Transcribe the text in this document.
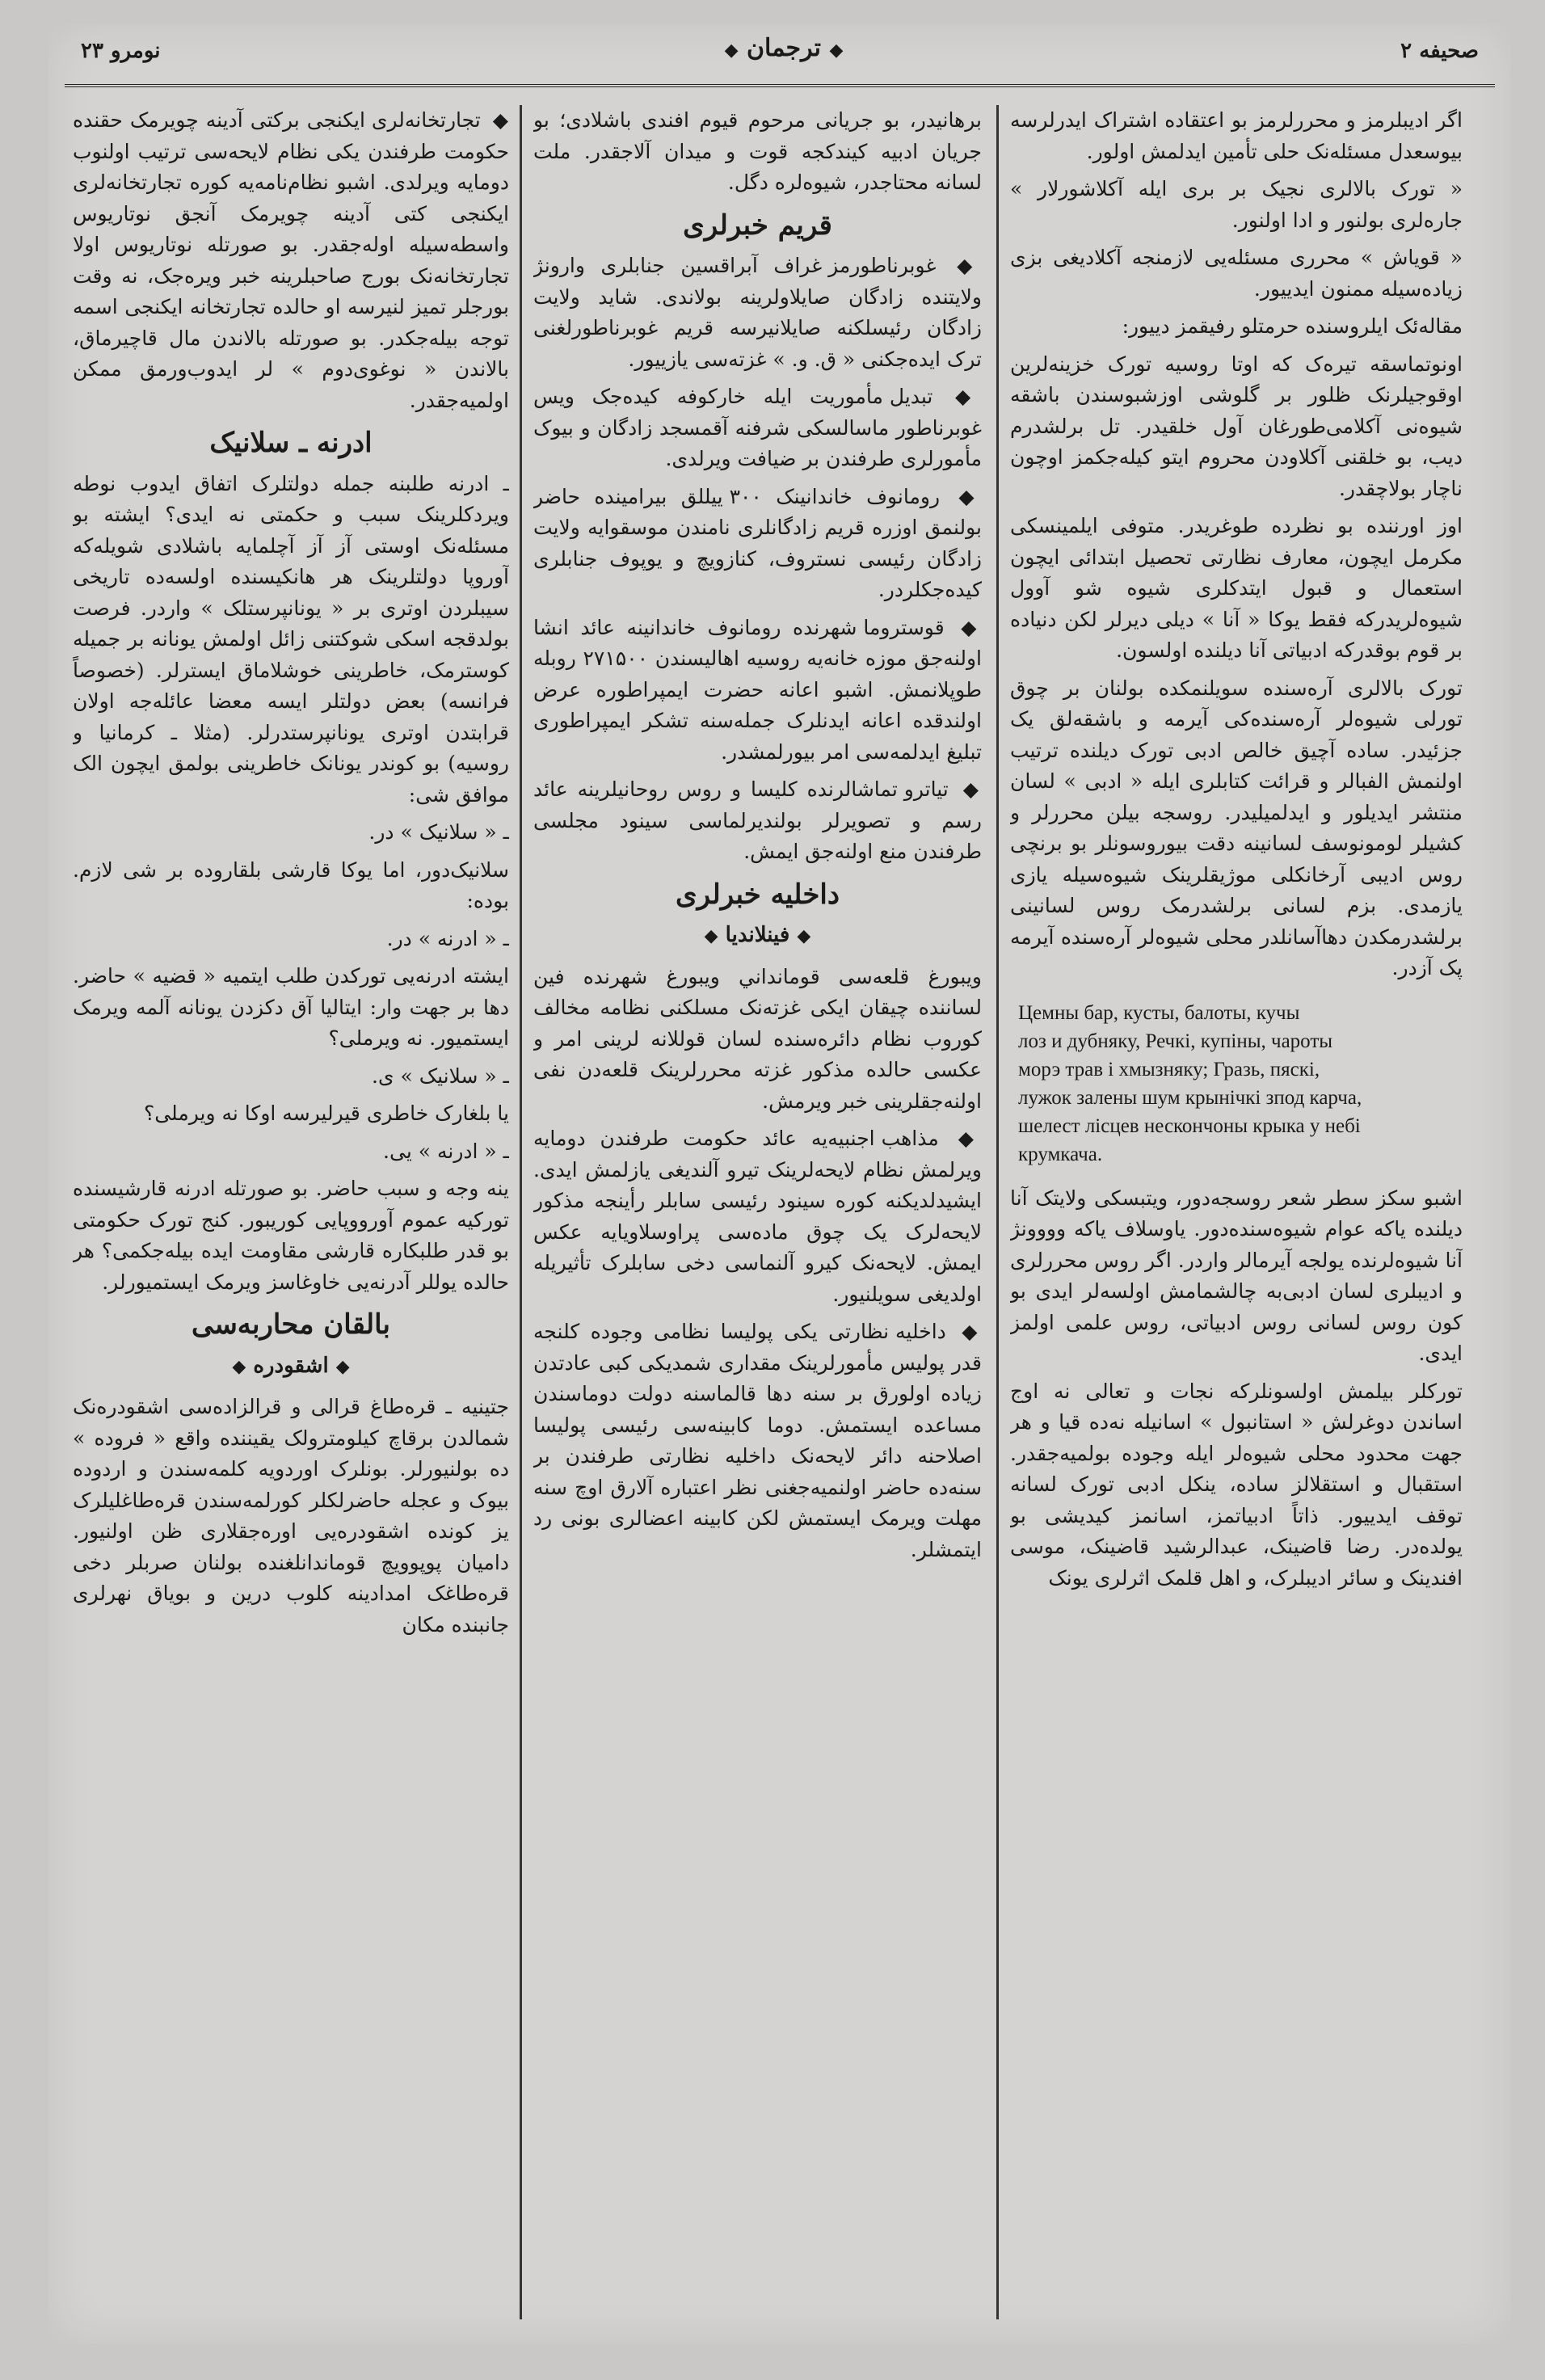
نومرو ۲۳	◆ ترجمان ◆	صحیفه ۲

اگر ادیبلرمز و محررلرمز بو اعتقاده اشتراک ایدرلرسه بیوسعدل مسئله‌نک حلی تأمین ایدلمش اولور.

« تورک بالالری نجیک بر بری ایله آکلاشورلار » جاره‌لری بولنور و ادا اولنور.

« قویاش » محرری مسئله‌یی لازمنجه آکلادیغی بزی زیاده‌سیله ممنون ایدییور.

مقاله‌ئک ایلروسنده حرمتلو رفیقمز دییور:

اونوتماسقه تیره‌ک که اوتا روسیه تورک خزینه‌لرین اوقوجیلرنک ظلور بر گلوشی اوزشبوسندن باشقه شیوه‌نی آکلامی‌طورغان آول خلقیدر. تل برلشدرم دیب، بو خلقنی آکلاودن محروم ایتو کیله‌جکمز اوچون ناچار بولاچقدر.

اوز اورننده بو نظرده طوغریدر. متوفی ایلمینسکی مکرمل ایچون، معارف نظارتی تحصیل ابتدائی ایچون استعمال و قبول ایتدکلری شیوه شو آوول شیوه‌لریدرکه فقط یوکا « آنا » دیلی دیرلر لکن دنیاده بر قوم بوقدرکه ادبیاتی آنا دیلنده اولسون.

تورک بالالری آره‌سنده سویلنمکده بولنان بر چوق تورلی شیوه‌لر آره‌سنده‌کی آیرمه و باشقه‌لق یک جزئیدر. ساده آچیق خالص ادبی تورک دیلنده ترتیب اولنمش الفبالر و قرائت کتابلری ایله « ادبی » لسان منتشر ایدیلور و ایدلمیلیدر. روسجه بیلن محررلر و کشیلر لومونوسف لسانینه دقت بیوروسونلر بو برنچی روس ادیبی آرخانکلی موژیقلرینک شیوه‌سیله یازی یازمدی. بزم لسانی برلشدرمک روس لسانینی برلشدرمکدن دهاآسانلدر محلی شیوه‌لر آره‌سنده آیرمه پک آزدر.

Цемны бар, кусты, балоты, кучы
лоз и дубняку, Речкi, купiны, чароты
морэ трав i хмызняку; Гразь, пяскi,
лужок залены шум крынiчкi зпод карча,
шелест лiсцев нескончоны крыка у небi
крумкача.

اشبو سکز سطر شعر روسجه‌دور، ویتبسکی ولایتک آنا دیلنده یاکه عوام شیوه‌سنده‌دور. یاوسلاف یاکه وووونژ آنا شیوه‌لرنده یولجه آیرمالر واردر. اگر روس محررلری و ادیبلری لسان ادبی‌به چالشمامش اولسه‌لر ایدی بو کون روس لسانی روس ادبیاتی، روس علمی اولمز ایدی.

تورکلر بیلمش اولسونلرکه نجات و تعالی نه اوج اساندن دوغرلش « استانبول » اسانیله نه‌ده قیا و هر جهت محدود محلی شیوه‌لر ایله وجوده بولمیه‌جقدر. استقبال و استقلالز ساده، ینکل ادبی تورک لسانه توقف ایدییور. ذاتاً ادبیاتمز، اسانمز کیدیشی بو یولده‌در. رضا قاضینک، عبدالرشید قاضینک، موسی افندینک و سائر ادیبلرک، و اهل قلمک اثرلری یونک

برهانیدر، بو جریانی مرحوم قیوم افندی باشلادی؛ بو جریان ادبیه کیندکجه قوت و میدان آلاجقدر. ملت لسانه محتاجدر، شیوه‌لره دگل.

قریم خبرلری
◆ غوبرناطورمز غراف آبراقسین جنابلری وارونژ ولایتنده زادگان صایلاولرینه بولاندی. شاید ولایت زادگان رئیسلکنه صایلانیرسه قریم غوبرناطورلغنی ترک ایده‌جکنی « ق. و. » غزته‌سی یازییور.
◆ تبدیل مأموریت ایله خارکوفه کیده‌جک ویس غوبرناطور ماسالسکی شرفنه آقمسجد زادگان و بیوک مأمورلری طرفندن بر ضیافت ویرلدی.
◆ رومانوف خاندانینک ۳۰۰ ییللق بیرامینده حاضر بولنمق اوزره قریم زادگانلری نامندن موسقوایه ولایت زادگان رئیسی نستروف، کنازویچ و یوپوف جنابلری کیده‌جکلردر.
◆ قوستروما شهرنده رومانوف خاندانینه عائد انشا اولنه‌جق موزه خانه‌یه روسیه اهالیسندن ۲۷۱۵۰۰ روبله طوپلانمش. اشبو اعانه حضرت ایمپراطوره عرض اولندقده اعانه ایدنلرک جمله‌سنه تشکر ایمپراطوری تبلیغ ایدلمه‌سی امر بیورلمشدر.
◆ تیاترو تماشالرنده کلیسا و روس روحانیلرینه عائد رسم و تصویرلر بولندیرلماسی سینود مجلسی طرفندن منع اولنه‌جق ایمش.
داخلیه خبرلری
◆ فینلاندیا ◆

ویبورغ قلعه‌سی قومانداني ویبورغ شهرنده فین لساننده چیقان ایکی غزته‌نک مسلکنی نظامه مخالف کوروب نظام دائره‌سنده لسان قوللانه لرینی امر و عکسی حالده مذکور غزته محررلرینک قلعه‌دن نفی اولنه‌جقلرینی خبر ویرمش.

◆ مذاهب اجنبیه‌یه عائد حکومت طرفندن دومایه ویرلمش نظام لایحه‌لرینک تیرو آلندیغی یازلمش ایدی. ایشیدلدیکنه کوره سینود رئیسی سابلر رأینجه مذکور لایحه‌لرک یک چوق ماده‌سی پراوسلاویایه عکس ایمش. لایحه‌نک کیرو آلنماسی دخی سابلرک تأثیریله اولدیغی سویلنیور.
◆ داخلیه نظارتی یکی پولیسا نظامی وجوده کلنجه قدر پولیس مأمورلرینک مقداری شمدیکی کبی عادتدن زیاده اولورق بر سنه دها قالماسنه دولت دوماسندن مساعده ایستمش. دوما کابینه‌سی رئیسی پولیسا اصلاحنه دائر لایحه‌نک داخلیه نظارتی طرفندن بر سنه‌ده حاضر اولنمیه‌جغنی نظر اعتباره آلارق اوچ سنه مهلت ویرمک ایستمش لکن کابینه اعضالری بونی رد ایتمشلر.
◆ تجارتخانه‌لری ایکنجی برکتی آدینه چویرمک حقنده حکومت طرفندن یکی نظام لایحه‌سی ترتیب اولنوب دومایه ویرلدی. اشبو نظام‌نامه‌یه کوره تجارتخانه‌لری ایکنجی کتی آدینه چویرمک آنجق نوتاریوس واسطه‌سیله اوله‌جقدر. بو صورتله نوتاریوس اولا تجارتخانه‌نک بورج صاحبلرینه خبر ویره‌جک، نه وقت بورجلر تمیز لنیرسه او حالده تجارتخانه ایکنجی اسمه توجه بیله‌جکدر. بو صورتله بالاندن مال قاچیرماق، بالاندن « نوغوی‌دوم » لر ایدوب‌ورمق ممکن اولمیه‌جقدر.
ادرنه ـ سلانیک

ـ ادرنه‌ طلبنه جمله دولتلرک اتفاق ایدوب نوطه ویردکلرینک سبب و حکمتی نه ایدی؟ ایشته بو مسئله‌نک اوستی آز آز آچلمایه باشلادی شویله‌که آوروپا دولتلرینک هر هانکیسنده اولسه‌ده تاریخی سیبلردن اوتری بر « یونانپرستلک » واردر. فرصت بولدقجه اسکی شوکتنی زائل اولمش یونانه بر جمیله کوسترمک، خاطرینی خوشلاماق ایسترلر. (خصوصاً فرانسه) بعض دولتلر ایسه معضا عائله‌جه اولان قرابتدن اوتری یونانپرستدرلر. (مثلا ـ کرمانیا و روسیه) بو کوندر یونانک خاطرینی بولمق ایچون الک موافق شی:

ـ « سلانیک » در.

سلانیک‌دور، اما یوکا قارشی بلقاروده بر شی لازم. بوده:

ـ « ادرنه » در.

ایشته ادرنه‌یی تورکدن طلب ایتمیه « قضیه » حاضر. دها بر جهت وار: ایتالیا آق دکزدن یونانه آلمه ویرمک ایستمیور. نه ویرملی؟

ـ « سلانیک » ی.

یا بلغارک خاطری قیرلیرسه اوکا نه ویرملی؟

ـ « ادرنه » یی.

ینه وجه و سبب حاضر. بو صورتله ادرنه قارشیسنده تورکیه عموم آورووپایی کوریبور. کنج تورک حکومتی بو قدر طلبکاره قارشی مقاومت ایده بیله‌جکمی؟ هر حالده یوللر آدرنه‌یی خاوغاسز ویرمک ایستمیورلر.

بالقان محاربه‌سی
◆ اشقودره ◆

جتینیه ـ قره‌طاغ قرالی و قرالزاده‌سی اشقودره‌نک شمالدن برقاچ کیلومترولک یقیننده واقع « فروده » ده بولنیورلر. بونلرک اوردویه کلمه‌سندن و اردوده بیوک و عجله حاضرلکلر کورلمه‌سندن قره‌طاغلیلرک یز کونده اشقودره‌یی اوره‌جقلاری ظن اولنیور. دامیان پوپوویچ قوماندانلغنده بولنان صربلر دخی قره‌طاغک امدادینه کلوب درین و بویاق نهرلری جانبنده مکان
